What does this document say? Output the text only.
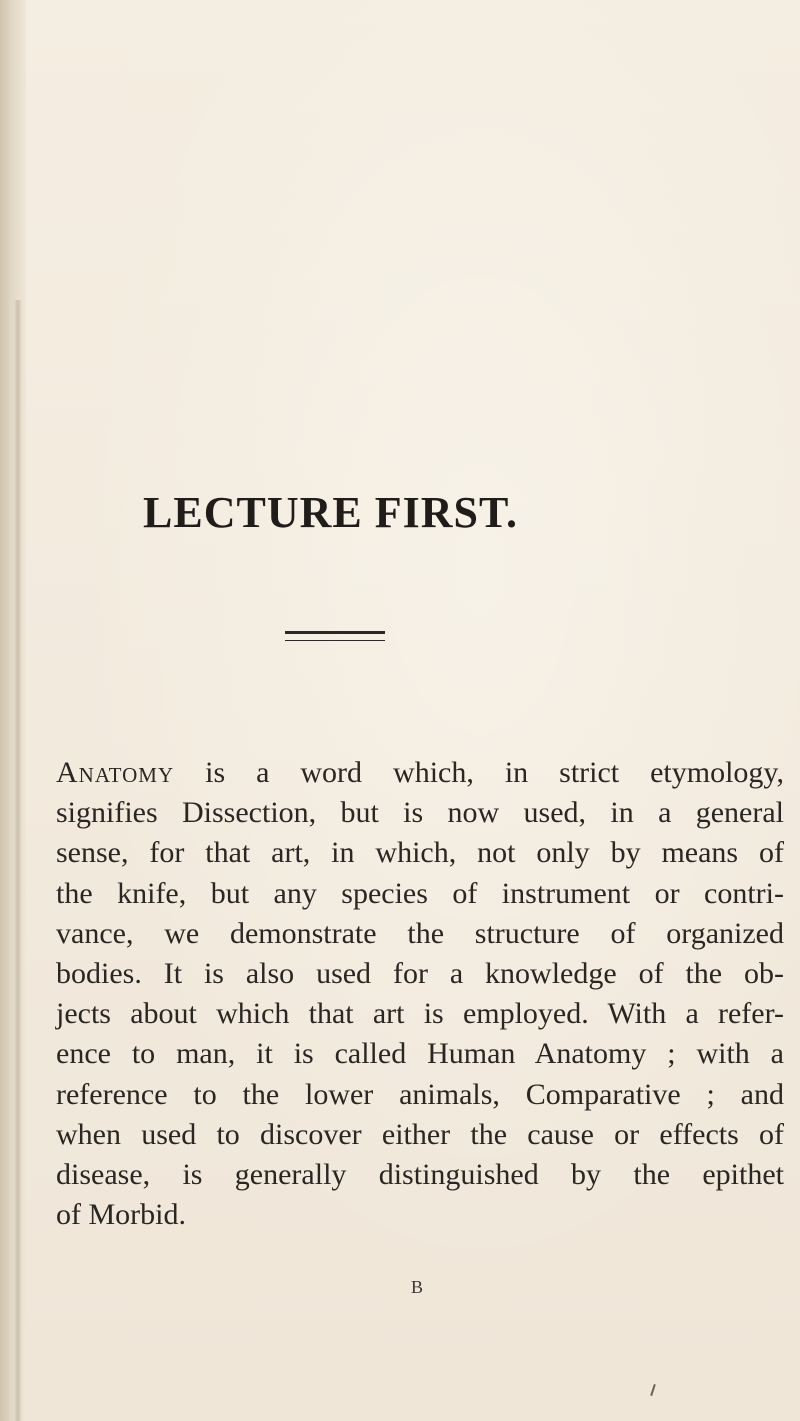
LECTURE FIRST.
Anatomy is a word which, in strict etymology,
signifies Dissection, but is now used, in a general
sense, for that art, in which, not only by means of
the knife, but any species of instrument or contri-
vance, we demonstrate the structure of organized
bodies. It is also used for a knowledge of the ob-
jects about which that art is employed. With a refer-
ence to man, it is called Human Anatomy ; with a
reference to the lower animals, Comparative ; and
when used to discover either the cause or effects of
disease, is generally distinguished by the epithet
of Morbid.
B
